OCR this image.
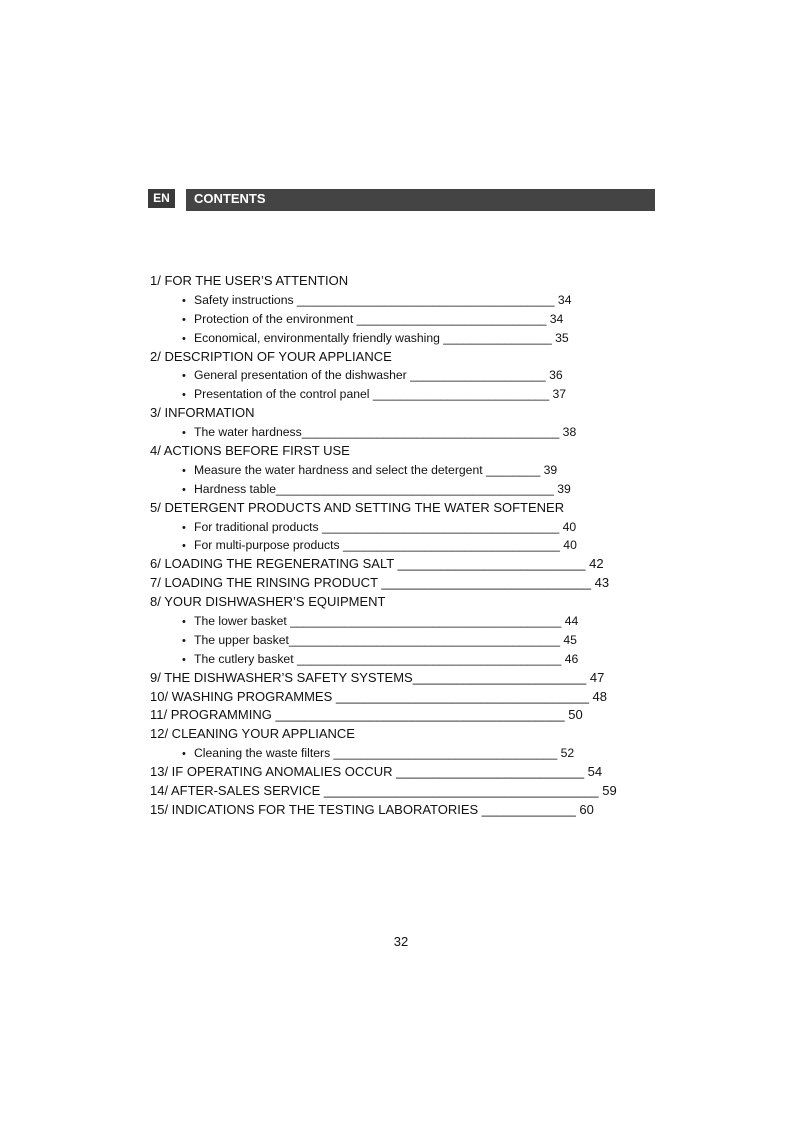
EN	CONTENTS
1/ FOR THE USER’S ATTENTION
• Safety instructions ______________________________________ 34
• Protection of the environment ____________________________ 34
• Economical, environmentally friendly washing ________________ 35
2/ DESCRIPTION OF YOUR APPLIANCE
• General presentation of the dishwasher ____________________ 36
• Presentation of the control panel __________________________ 37
3/ INFORMATION
• The water hardness______________________________________ 38
4/ ACTIONS BEFORE FIRST USE
• Measure the water hardness and select the detergent ________ 39
• Hardness table_________________________________________ 39
5/ DETERGENT PRODUCTS AND SETTING THE WATER SOFTENER
• For traditional products ___________________________________ 40
• For multi-purpose products ________________________________ 40
6/ LOADING THE REGENERATING SALT __________________________ 42
7/ LOADING THE RINSING PRODUCT _____________________________ 43
8/ YOUR DISHWASHER’S EQUIPMENT
• The lower basket ________________________________________ 44
• The upper basket________________________________________ 45
• The cutlery basket _______________________________________ 46
9/ THE DISHWASHER’S SAFETY SYSTEMS________________________ 47
10/ WASHING PROGRAMMES ___________________________________ 48
11/ PROGRAMMING ________________________________________ 50
12/ CLEANING YOUR APPLIANCE
• Cleaning the waste filters _________________________________ 52
13/ IF OPERATING ANOMALIES OCCUR __________________________ 54
14/ AFTER-SALES SERVICE ______________________________________ 59
15/ INDICATIONS FOR THE TESTING LABORATORIES _____________ 60
32
